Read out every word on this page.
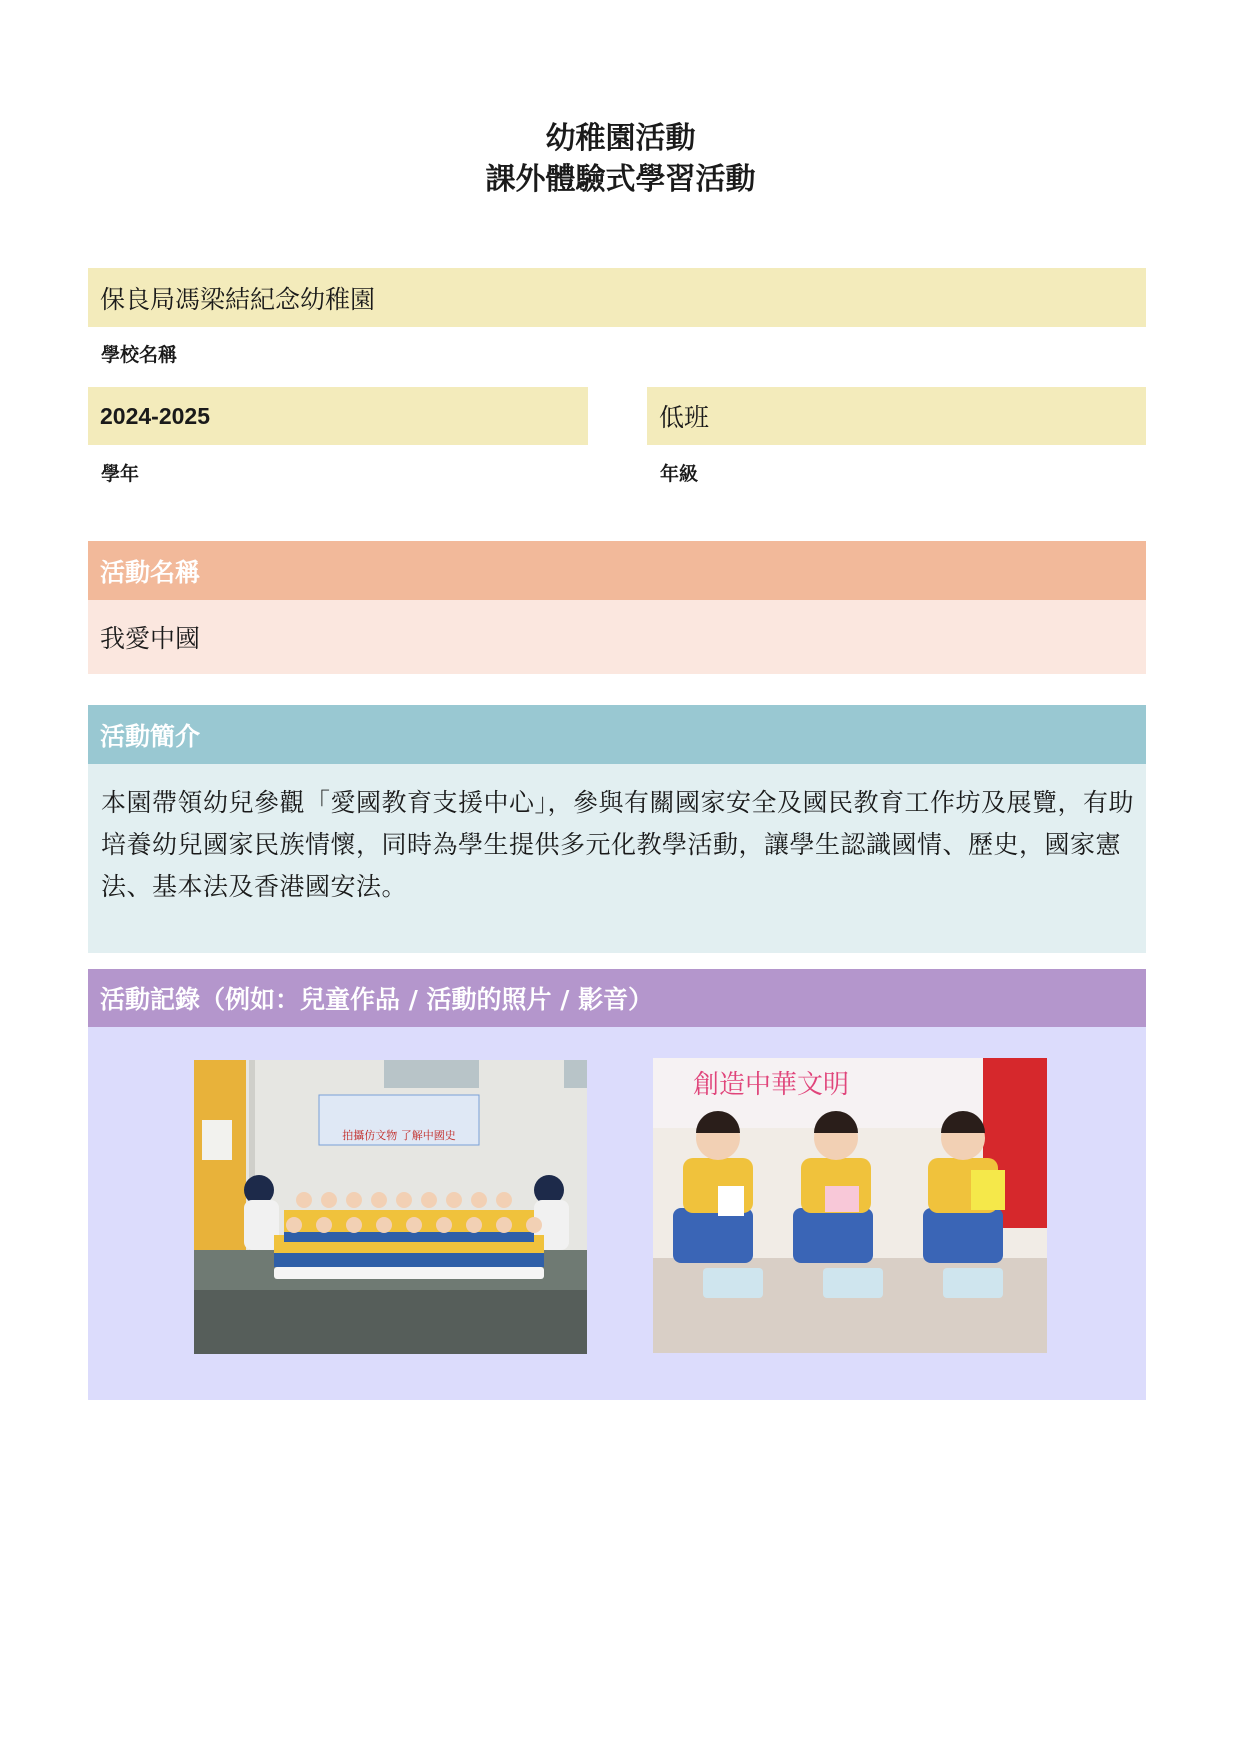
幼稚園活動

課外體驗式學習活動

保良局馮梁結紀念幼稚園
學校名稱
2024-2025
學年
低班
年級
活動名稱
我愛中國
活動簡介
本園帶領幼兒參觀「愛國教育支援中心」，參與有關國家安全及國民教育工作坊及展覽，有助培養幼兒國家民族情懷，同時為學生提供多元化教學活動，讓學生認識國情、歷史，國家憲法、基本法及香港國安法。
活動記錄 （例如：兒童作品 / 活動的照片 / 影音）
拍攝仿文物 了解中國史
創造中華文明
